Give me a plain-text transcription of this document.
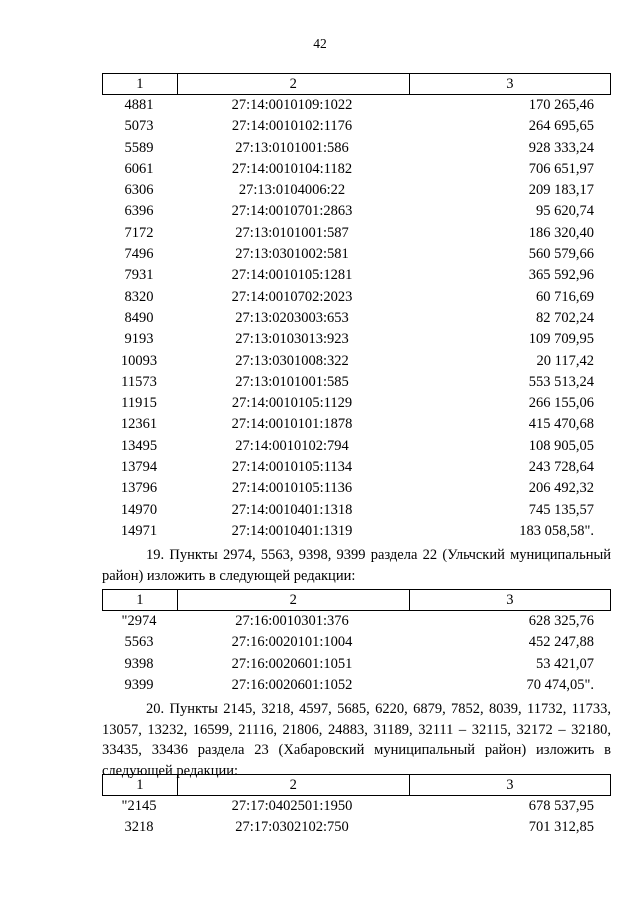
42
1	2	3
4881	27:14:0010109:1022	170 265,46
5073	27:14:0010102:1176	264 695,65
5589	27:13:0101001:586	928 333,24
6061	27:14:0010104:1182	706 651,97
6306	27:13:0104006:22	209 183,17
6396	27:14:0010701:2863	95 620,74
7172	27:13:0101001:587	186 320,40
7496	27:13:0301002:581	560 579,66
7931	27:14:0010105:1281	365 592,96
8320	27:14:0010702:2023	60 716,69
8490	27:13:0203003:653	82 702,24
9193	27:13:0103013:923	109 709,95
10093	27:13:0301008:322	20 117,42
11573	27:13:0101001:585	553 513,24
11915	27:14:0010105:1129	266 155,06
12361	27:14:0010101:1878	415 470,68
13495	27:14:0010102:794	108 905,05
13794	27:14:0010105:1134	243 728,64
13796	27:14:0010105:1136	206 492,32
14970	27:14:0010401:1318	745 135,57
14971	27:14:0010401:1319	183 058,58".
19. Пункты 2974, 5563, 9398, 9399 раздела 22 (Ульчский муниципальный район) изложить в следующей редакции:
1	2	3
"2974	27:16:0010301:376	628 325,76
5563	27:16:0020101:1004	452 247,88
9398	27:16:0020601:1051	53 421,07
9399	27:16:0020601:1052	70 474,05".
20. Пункты 2145, 3218, 4597, 5685, 6220, 6879, 7852, 8039, 11732, 11733, 13057, 13232, 16599, 21116, 21806, 24883, 31189, 32111 – 32115, 32172 – 32180, 33435, 33436 раздела 23 (Хабаровский муниципальный район) изложить в следующей редакции:
1	2	3
"2145	27:17:0402501:1950	678 537,95
3218	27:17:0302102:750	701 312,85
